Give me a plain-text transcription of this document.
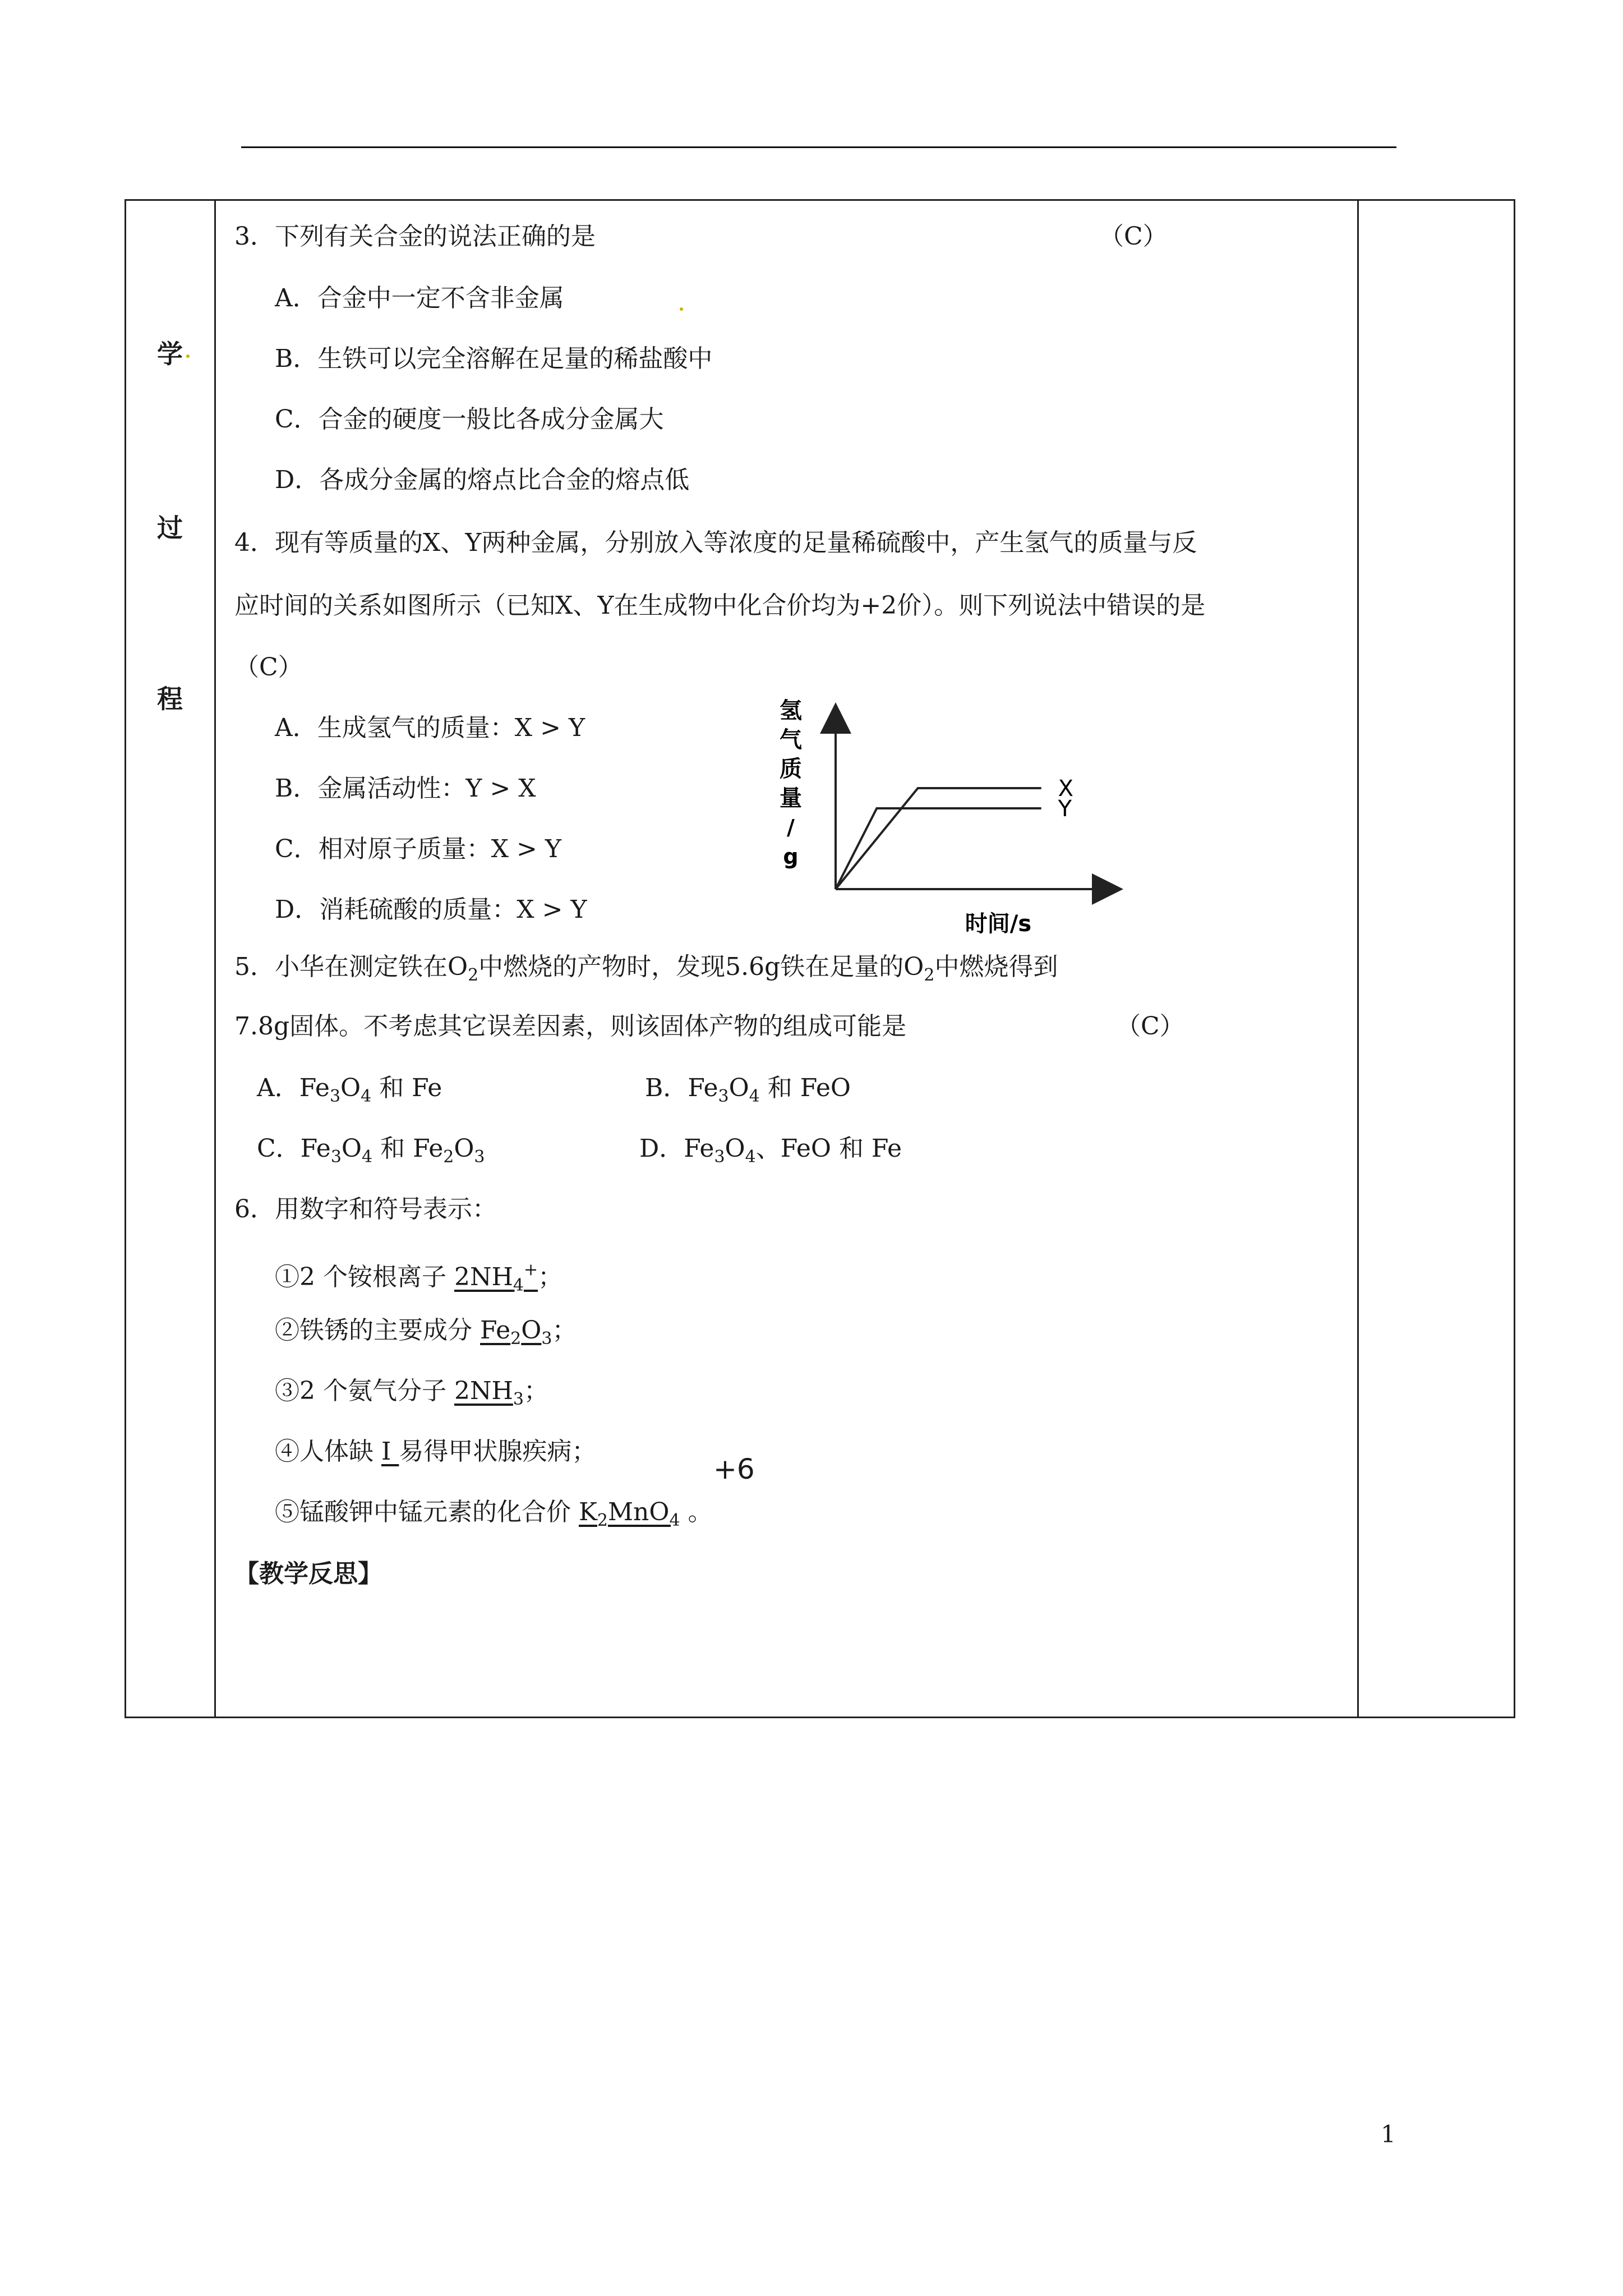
学
过
程
3．下列有关合金的说法正确的是	（C）
A．合金中一定不含非金属
B．生铁可以完全溶解在足量的稀盐酸中
C．合金的硬度一般比各成分金属大
D．各成分金属的熔点比合金的熔点低
4．现有等质量的X、Y两种金属，分别放入等浓度的足量稀硫酸中，产生氢气的质量与反
应时间的关系如图所示（已知X、Y在生成物中化合价均为+2价）。则下列说法中错误的是
（C）
A．生成氢气的质量：X > Y
B．金属活动性：Y > X
C．相对原子质量：X > Y
D．消耗硫酸的质量：X > Y
氢
气
质
量
/
g
时间/s
X
Y
5．小华在测定铁在$O_2$中燃烧的产物时，发现5.6g铁在足量的$O_2$中燃烧得到
7.8g固体。不考虑其它误差因素，则该固体产物的组成可能是	（C）
A．$Fe_3O_4$ 和 Fe	B．$Fe_3O_4$ 和 FeO
C．$Fe_3O_4$ 和 $Fe_2O_3$	D．$Fe_3O_4$、FeO 和 Fe
6．用数字和符号表示：
①2 个铵根离子 $2NH_4^+$；
②铁锈的主要成分 $Fe_2O_3$；
③2 个氨气分子 $2NH_3$；
④人体缺 I 易得甲状腺疾病；
+6
⑤锰酸钾中锰元素的化合价 $K_2MnO_4$ 。
【教学反思】
1
